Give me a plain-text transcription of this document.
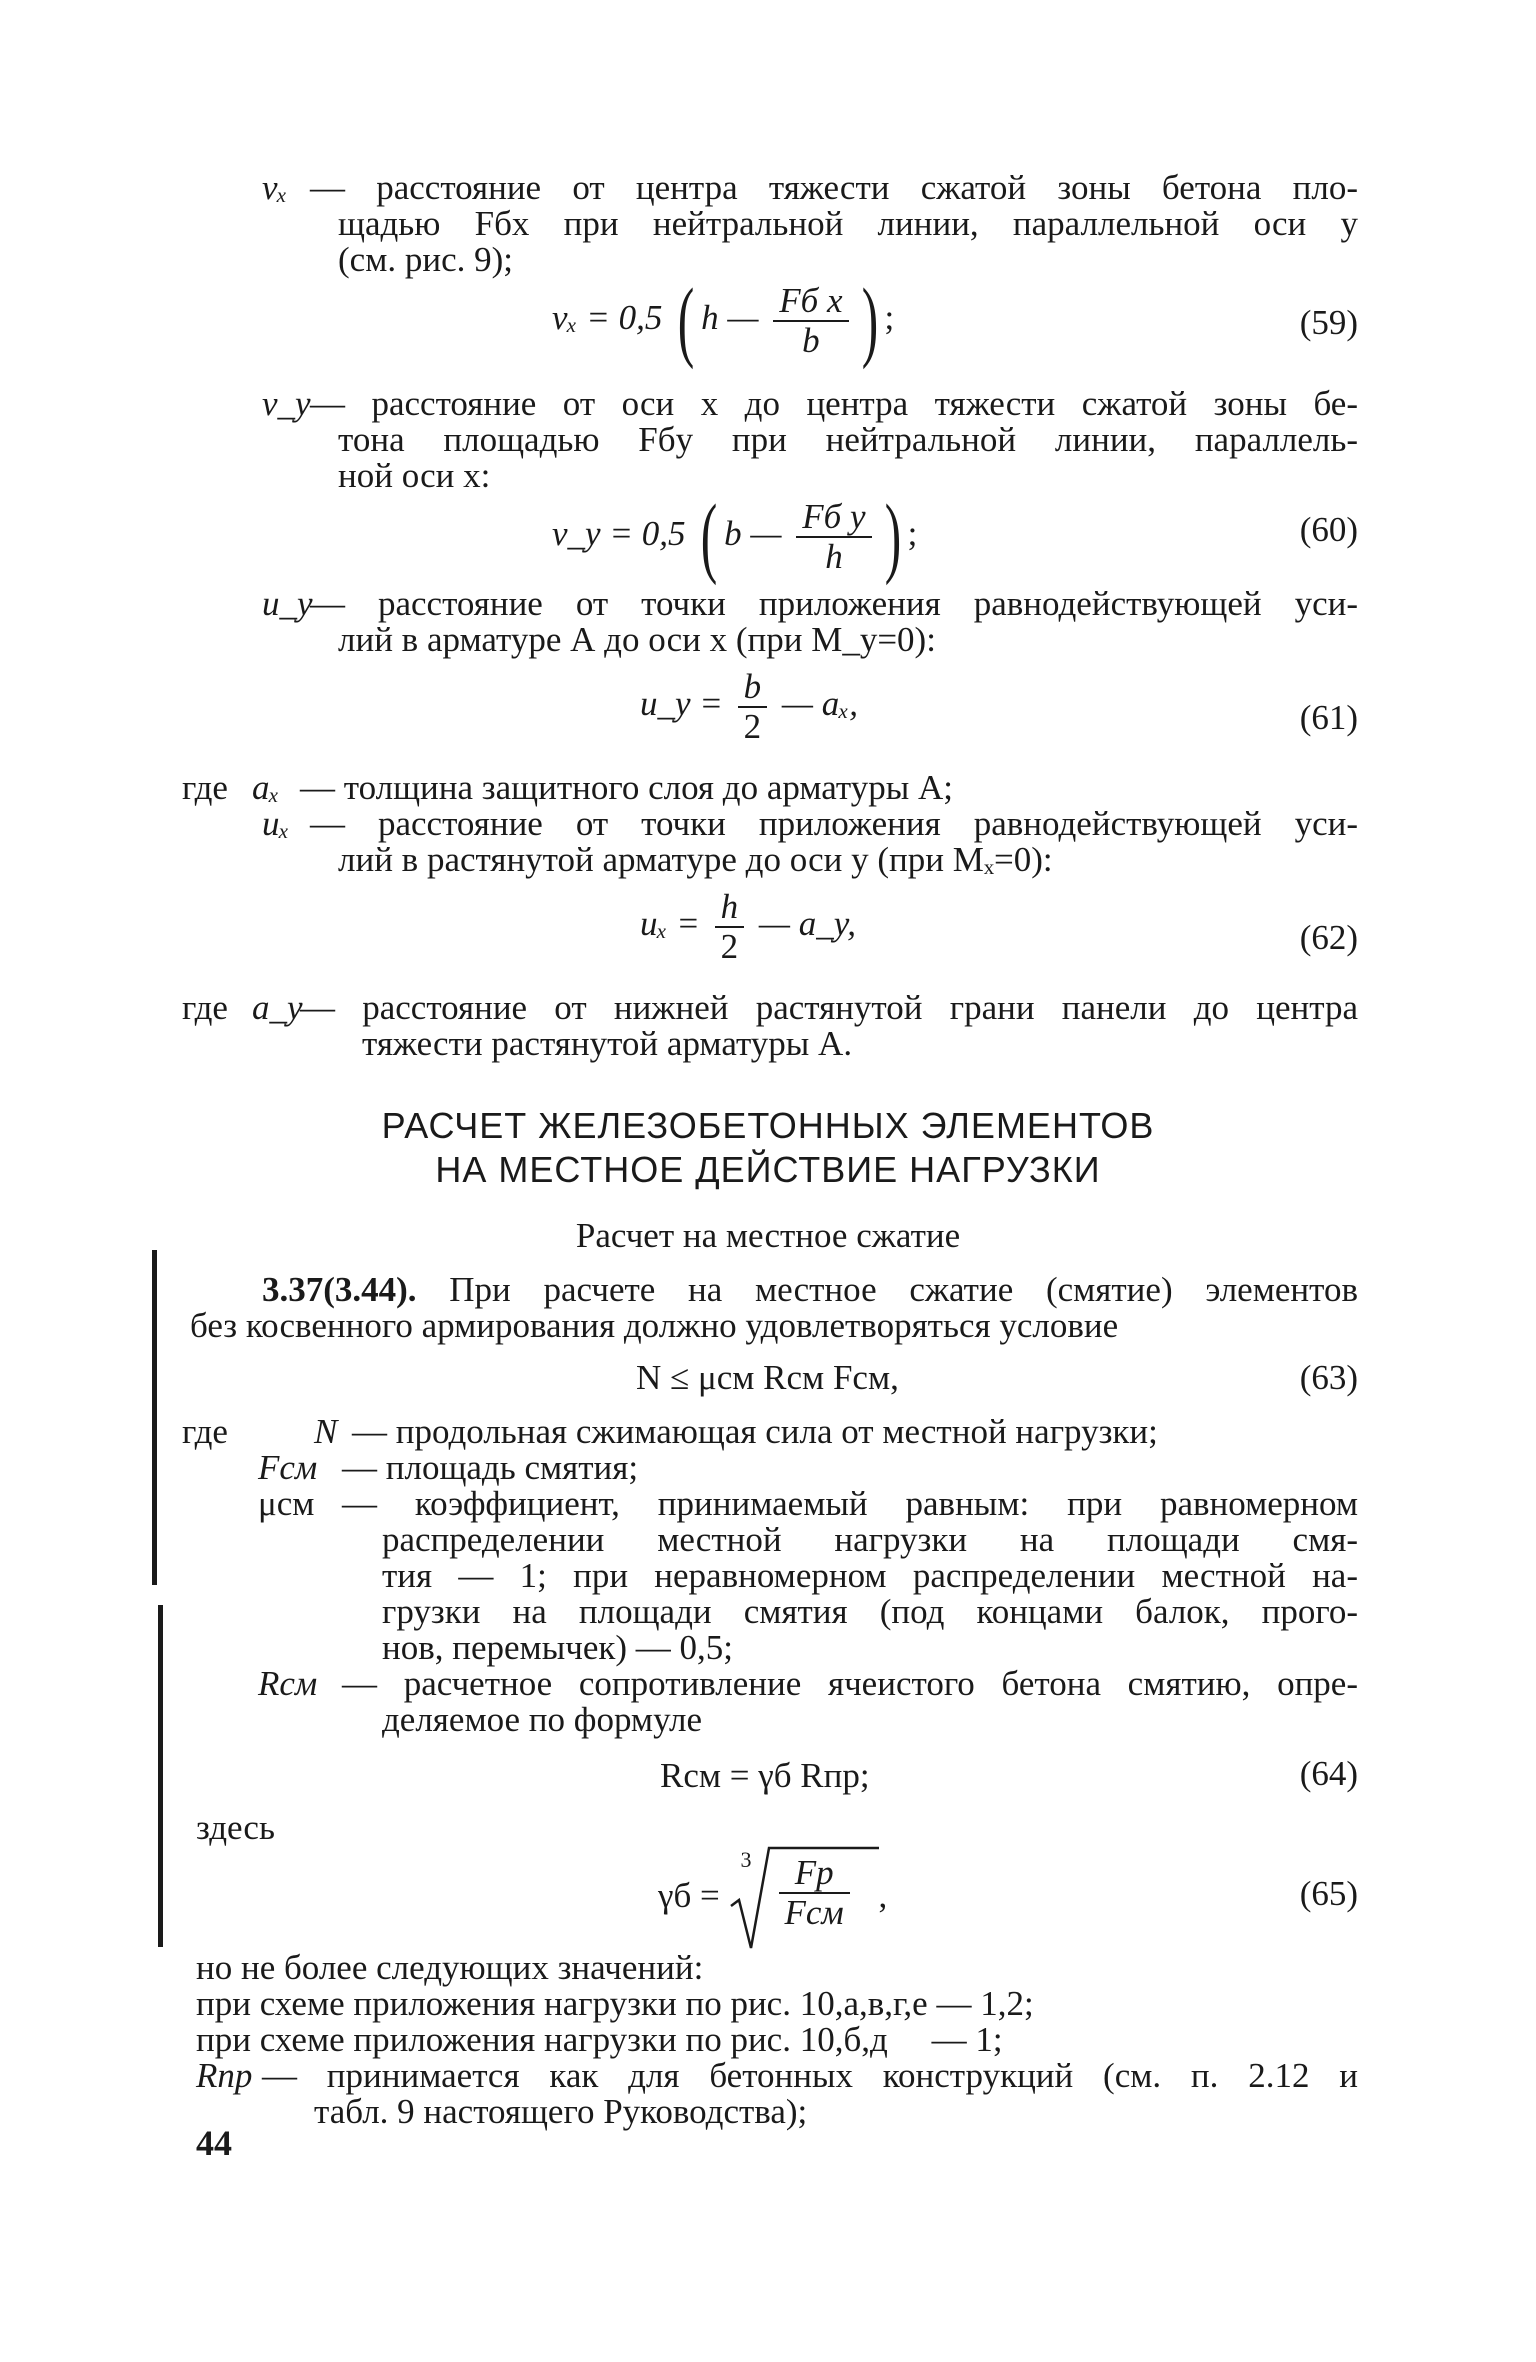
vₓ — расстояние от центра тяжести сжатой зоны бетона пло-
щадью Fбx при нейтральной линии, параллельной оси y
(см. рис. 9);
vₓ = 0,5 ( h — $\frac{\text{Fб x}}{b}$ ) ;	(59)
v_y — расстояние от оси x до центра тяжести сжатой зоны бе-
тона площадью Fбy при нейтральной линии, параллель-
ной оси x:
v_y = 0,5 ( b — $\frac{\text{Fб y}}{h}$ ) ;	(60)
u_y
— расстояние от точки приложения равнодействующей уси-
лий в арматуре А до оси x (при M_y=0):
u_y = $\frac{b}{2}$ — aₓ,	(61)
где aₓ — толщина защитного слоя до арматуры A;
uₓ — расстояние от точки приложения равнодействующей уси-
лий в растянутой арматуре до оси y (при Mₓ=0):
$u_x = \frac{h}{2}$ — a_y,	(62)
где a_y
— расстояние от нижней растянутой грани панели до центра
тяжести растянутой арматуры A.
РАСЧЕТ ЖЕЛЕЗОБЕТОННЫХ ЭЛЕМЕНТОВ
НА МЕСТНОЕ ДЕЙСТВИЕ НАГРУЗКИ
Расчет на местное сжатие
3.37(3.44). При расчете на местное сжатие (смятие) элементов
без косвенного армирования должно удовлетворяться условие
N ≤ μсм Rсм Fсм,	(63)
где N — продольная сжимающая сила от местной нагрузки;
Fсм — площадь смятия;
μсм — коэффициент, принимаемый равным: при равномерном
распределении местной нагрузки на площади смя-
тия — 1; при неравномерном распределении местной на-
грузки на площади смятия (под концами балок, прого-
нов, перемычек) — 0,5;
Rсм — расчетное сопротивление ячеистого бетона смятию, опре-
деляемое по формуле
Rсм = γб Rпр;	(64)
здесь
γб =
3	Fр
Fсм ,	(65)
но не более следующих значений:
при схеме приложения нагрузки по рис. 10,а,в,г,е — 1,2;
при схеме приложения нагрузки по рис. 10,б,д     — 1;
Rпр — принимается как для бетонных конструкций (см. п. 2.12 и
табл. 9 настоящего Руководства);
44
